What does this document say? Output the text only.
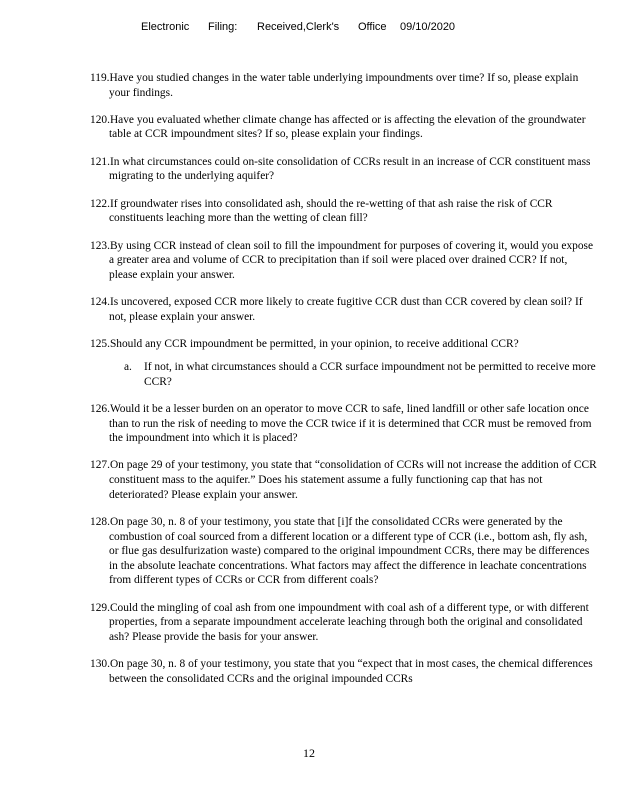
Electronic Filing: Received,Clerk's Office 09/10/2020
119.Have you studied changes in the water table underlying impoundments over time? If so, please explain your findings.
120.Have you evaluated whether climate change has affected or is affecting the elevation of the groundwater table at CCR impoundment sites? If so, please explain your findings.
121.In what circumstances could on-site consolidation of CCRs result in an increase of CCR constituent mass migrating to the underlying aquifer?
122.If groundwater rises into consolidated ash, should the re-wetting of that ash raise the risk of CCR constituents leaching more than the wetting of clean fill?
123.By using CCR instead of clean soil to fill the impoundment for purposes of covering it, would you expose a greater area and volume of CCR to precipitation than if soil were placed over drained CCR? If not, please explain your answer.
124.Is uncovered, exposed CCR more likely to create fugitive CCR dust than CCR covered by clean soil? If not, please explain your answer.
125.Should any CCR impoundment be permitted, in your opinion, to receive additional CCR?
a.	If not, in what circumstances should a CCR surface impoundment not be permitted to receive more CCR?
126.Would it be a lesser burden on an operator to move CCR to safe, lined landfill or other safe location once than to run the risk of needing to move the CCR twice if it is determined that CCR must be removed from the impoundment into which it is placed?
127.On page 29 of your testimony, you state that “consolidation of CCRs will not increase the addition of CCR constituent mass to the aquifer.” Does his statement assume a fully functioning cap that has not deteriorated? Please explain your answer.
128.On page 30, n. 8 of your testimony, you state that [i]f the consolidated CCRs were generated by the combustion of coal sourced from a different location or a different type of CCR (i.e., bottom ash, fly ash, or flue gas desulfurization waste) compared to the original impoundment CCRs, there may be differences in the absolute leachate concentrations. What factors may affect the difference in leachate concentrations from different types of CCRs or CCR from different coals?
129.Could the mingling of coal ash from one impoundment with coal ash of a different type, or with different properties, from a separate impoundment accelerate leaching through both the original and consolidated ash? Please provide the basis for your answer.
130.On page 30, n. 8 of your testimony, you state that you “expect that in most cases, the chemical differences between the consolidated CCRs and the original impounded CCRs
12
